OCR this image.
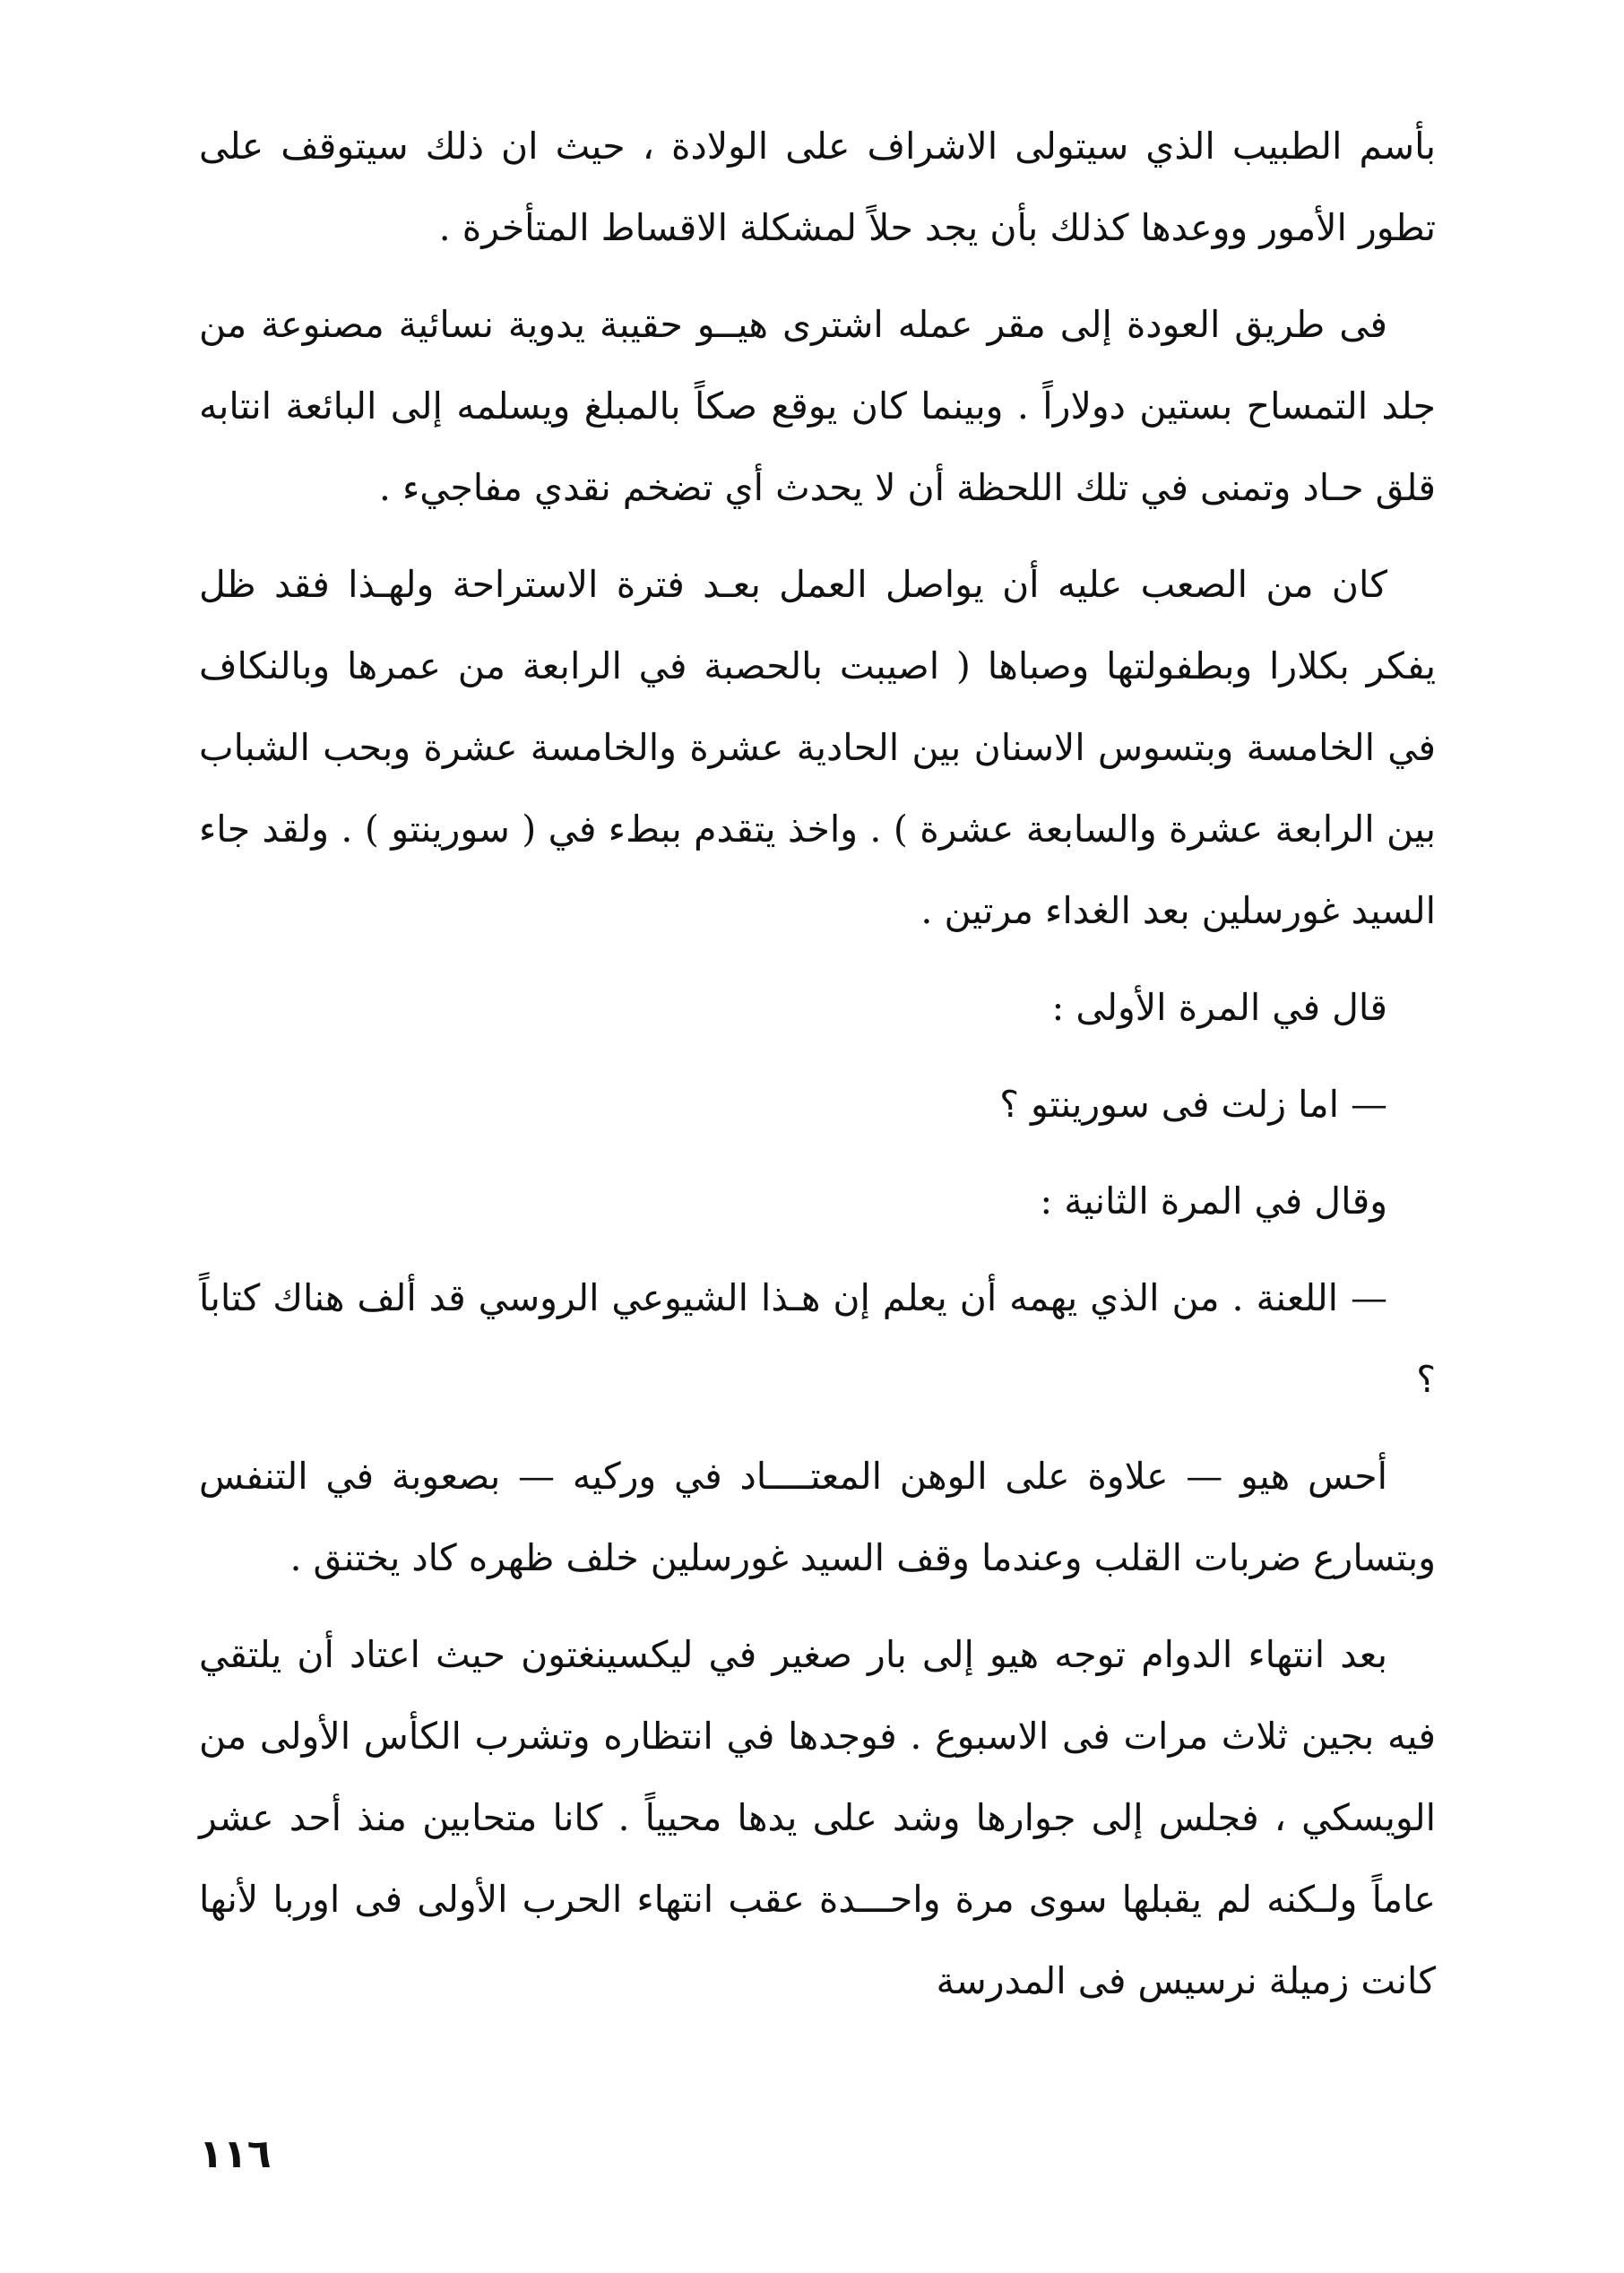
بأسم الطبيب الذي سيتولى الاشراف على الولادة ، حيث ان ذلك سيتوقف على تطور الأمور ووعدها كذلك بأن يجد حلاً لمشكلة الاقساط المتأخرة .

فى طريق العودة إلى مقر عمله اشترى هيــو حقيبة يدوية نسائية مصنوعة من جلد التمساح بستين دولاراً . وبينما كان يوقع صكاً بالمبلغ ويسلمه إلى البائعة انتابه قلق حـاد وتمنى في تلك اللحظة أن لا يحدث أي تضخم نقدي مفاجيء .

كان من الصعب عليه أن يواصل العمل بعـد فترة الاستراحة ولهـذا فقد ظل يفكر بكلارا وبطفولتها وصباها ( اصيبت بالحصبة في الرابعة من عمرها وبالنكاف في الخامسة وبتسوس الاسنان بين الحادية عشرة والخامسة عشرة وبحب الشباب بين الرابعة عشرة والسابعة عشرة ) . واخذ يتقدم ببطء في ( سورينتو ) . ولقد جاء السيد غورسلين بعد الغداء مرتين .

قال في المرة الأولى :

— اما زلت فى سورينتو ؟

وقال في المرة الثانية :

— اللعنة . من الذي يهمه أن يعلم إن هـذا الشيوعي الروسي قد ألف هناك كتاباً ؟

أحس هيو — علاوة على الوهن المعتــــاد في وركيه — بصعوبة في التنفس وبتسارع ضربات القلب وعندما وقف السيد غورسلين خلف ظهره كاد يختنق .

بعد انتهاء الدوام توجه هيو إلى بار صغير في ليكسينغتون حيث اعتاد أن يلتقي فيه بجين ثلاث مرات فى الاسبوع . فوجدها في انتظاره وتشرب الكأس الأولى من الويسكي ، فجلس إلى جوارها وشد على يدها محيياً . كانا متحابين منذ أحد عشر عاماً ولـكنه لم يقبلها سوى مرة واحـــدة عقب انتهاء الحرب الأولى فى اوربا لأنها كانت زميلة نرسيس فى المدرسة

١١٦
